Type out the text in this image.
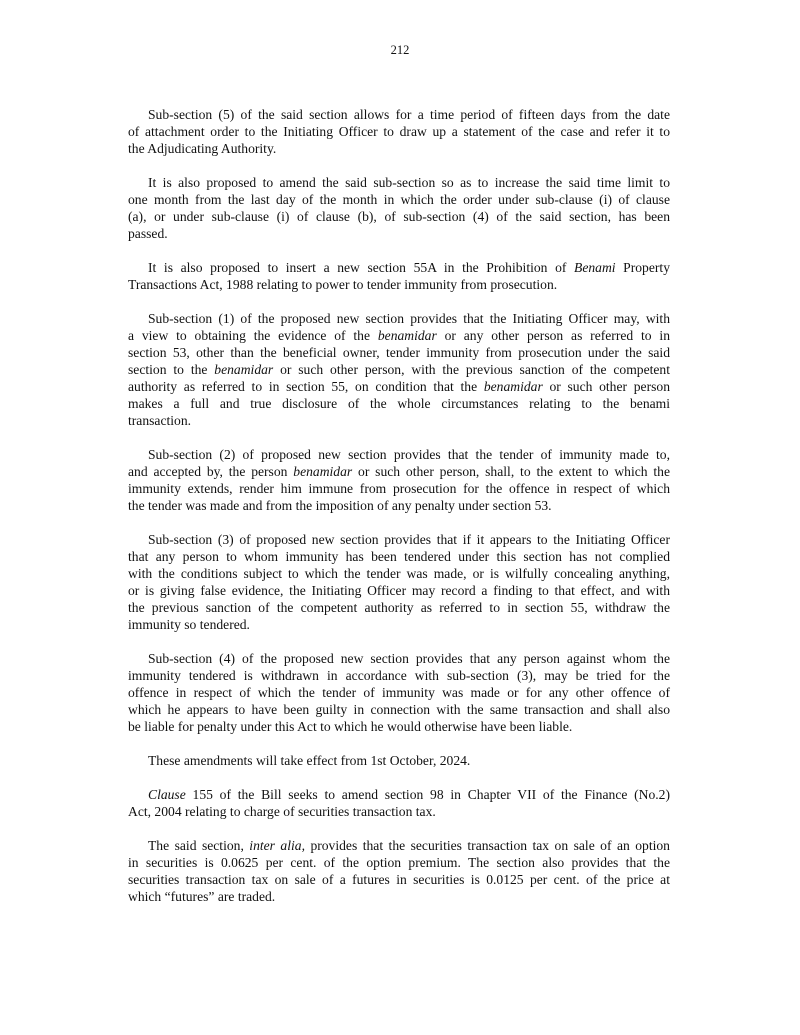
212
Sub-section (5) of the said section allows for a time period of fifteen days from the date
of attachment order to the Initiating Officer to draw up a statement of the case and refer it to
the Adjudicating Authority.
It is also proposed to amend the said sub-section so as to increase the said time limit to
one month from the last day of the month in which the order under sub-clause (i) of clause
(a), or under sub-clause (i) of clause (b), of sub-section (4) of the said section, has been
passed.
It is also proposed to insert a new section 55A in the Prohibition of Benami Property
Transactions Act, 1988 relating to power to tender immunity from prosecution.
Sub-section (1) of the proposed new section provides that the Initiating Officer may, with
a view to obtaining the evidence of the benamidar or any other person as referred to in
section 53, other than the beneficial owner, tender immunity from prosecution under the said
section to the benamidar or such other person, with the previous sanction of the competent
authority as referred to in section 55, on condition that the benamidar or such other person
makes a full and true disclosure of the whole circumstances relating to the benami
transaction.
Sub-section (2) of proposed new section provides that the tender of immunity made to,
and accepted by, the person benamidar or such other person, shall, to the extent to which the
immunity extends, render him immune from prosecution for the offence in respect of which
the tender was made and from the imposition of any penalty under section 53.
Sub-section (3) of proposed new section provides that if it appears to the Initiating Officer
that any person to whom immunity has been tendered under this section has not complied
with the conditions subject to which the tender was made, or is wilfully concealing anything,
or is giving false evidence, the Initiating Officer may record a finding to that effect, and with
the previous sanction of the competent authority as referred to in section 55, withdraw the
immunity so tendered.
Sub-section (4) of the proposed new section provides that any person against whom the
immunity tendered is withdrawn in accordance with sub-section (3), may be tried for the
offence in respect of which the tender of immunity was made or for any other offence of
which he appears to have been guilty in connection with the same transaction and shall also
be liable for penalty under this Act to which he would otherwise have been liable.
These amendments will take effect from 1st October, 2024.
Clause 155 of the Bill seeks to amend section 98 in Chapter VII of the Finance (No.2)
Act, 2004 relating to charge of securities transaction tax.
The said section, inter alia, provides that the securities transaction tax on sale of an option
in securities is 0.0625 per cent. of the option premium. The section also provides that the
securities transaction tax on sale of a futures in securities is 0.0125 per cent. of the price at
which “futures” are traded.
